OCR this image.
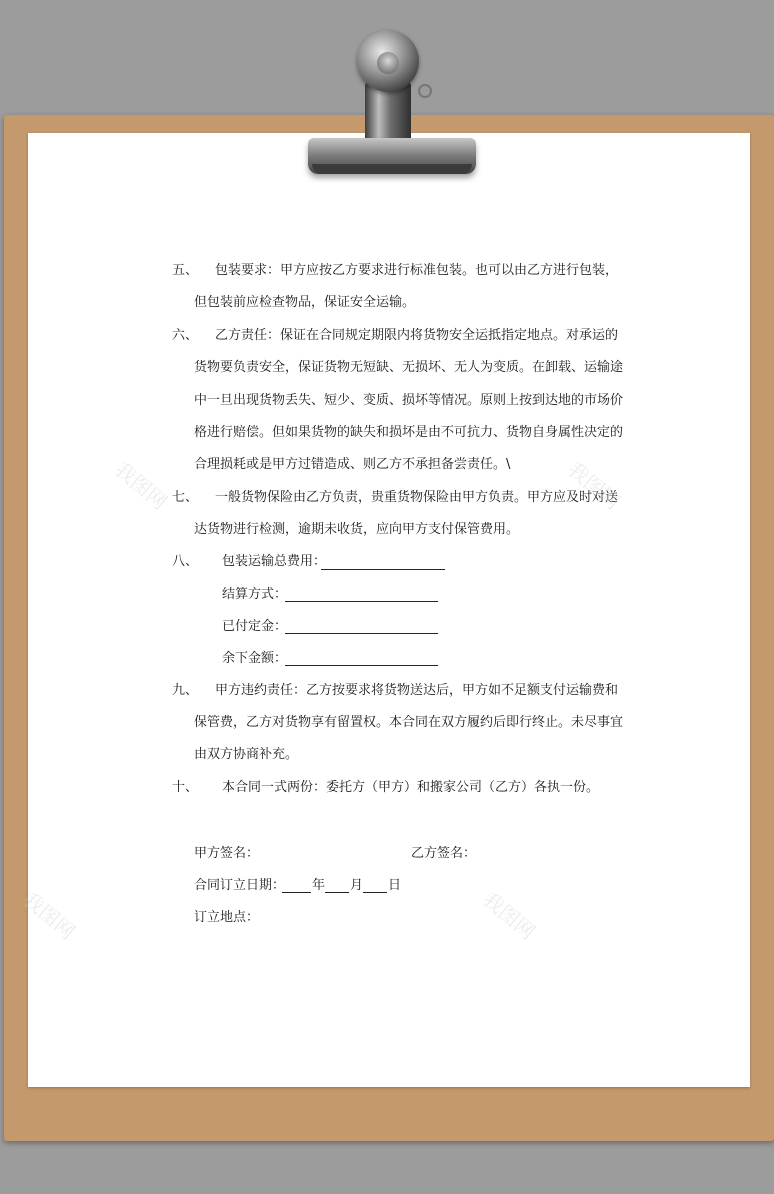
五、 包装要求：甲方应按乙方要求进行标准包装。也可以由乙方进行包装，
但包装前应检查物品，保证安全运输。
六、 乙方责任：保证在合同规定期限内将货物安全运抵指定地点。对承运的
货物要负责安全，保证货物无短缺、无损坏、无人为变质。在卸载、运输途
中一旦出现货物丢失、短少、变质、损坏等情况。原则上按到达地的市场价
格进行赔偿。但如果货物的缺失和损坏是由不可抗力、货物自身属性决定的
合理损耗或是甲方过错造成、则乙方不承担备尝责任。\
七、 一般货物保险由乙方负责，贵重货物保险由甲方负责。甲方应及时对送
达货物进行检测，逾期未收货，应向甲方支付保管费用。
八、 包装运输总费用：
结算方式：
已付定金：
余下金额：
九、 甲方违约责任：乙方按要求将货物送达后，甲方如不足额支付运输费和
保管费，乙方对货物享有留置权。本合同在双方履约后即行终止。未尽事宜
由双方协商补充。
十、 本合同一式两份：委托方（甲方）和搬家公司（乙方）各执一份。
甲方签名：	乙方签名：
合同订立日期： 年 月 日
订立地点：
我图网	我图网
我图网	我图网
